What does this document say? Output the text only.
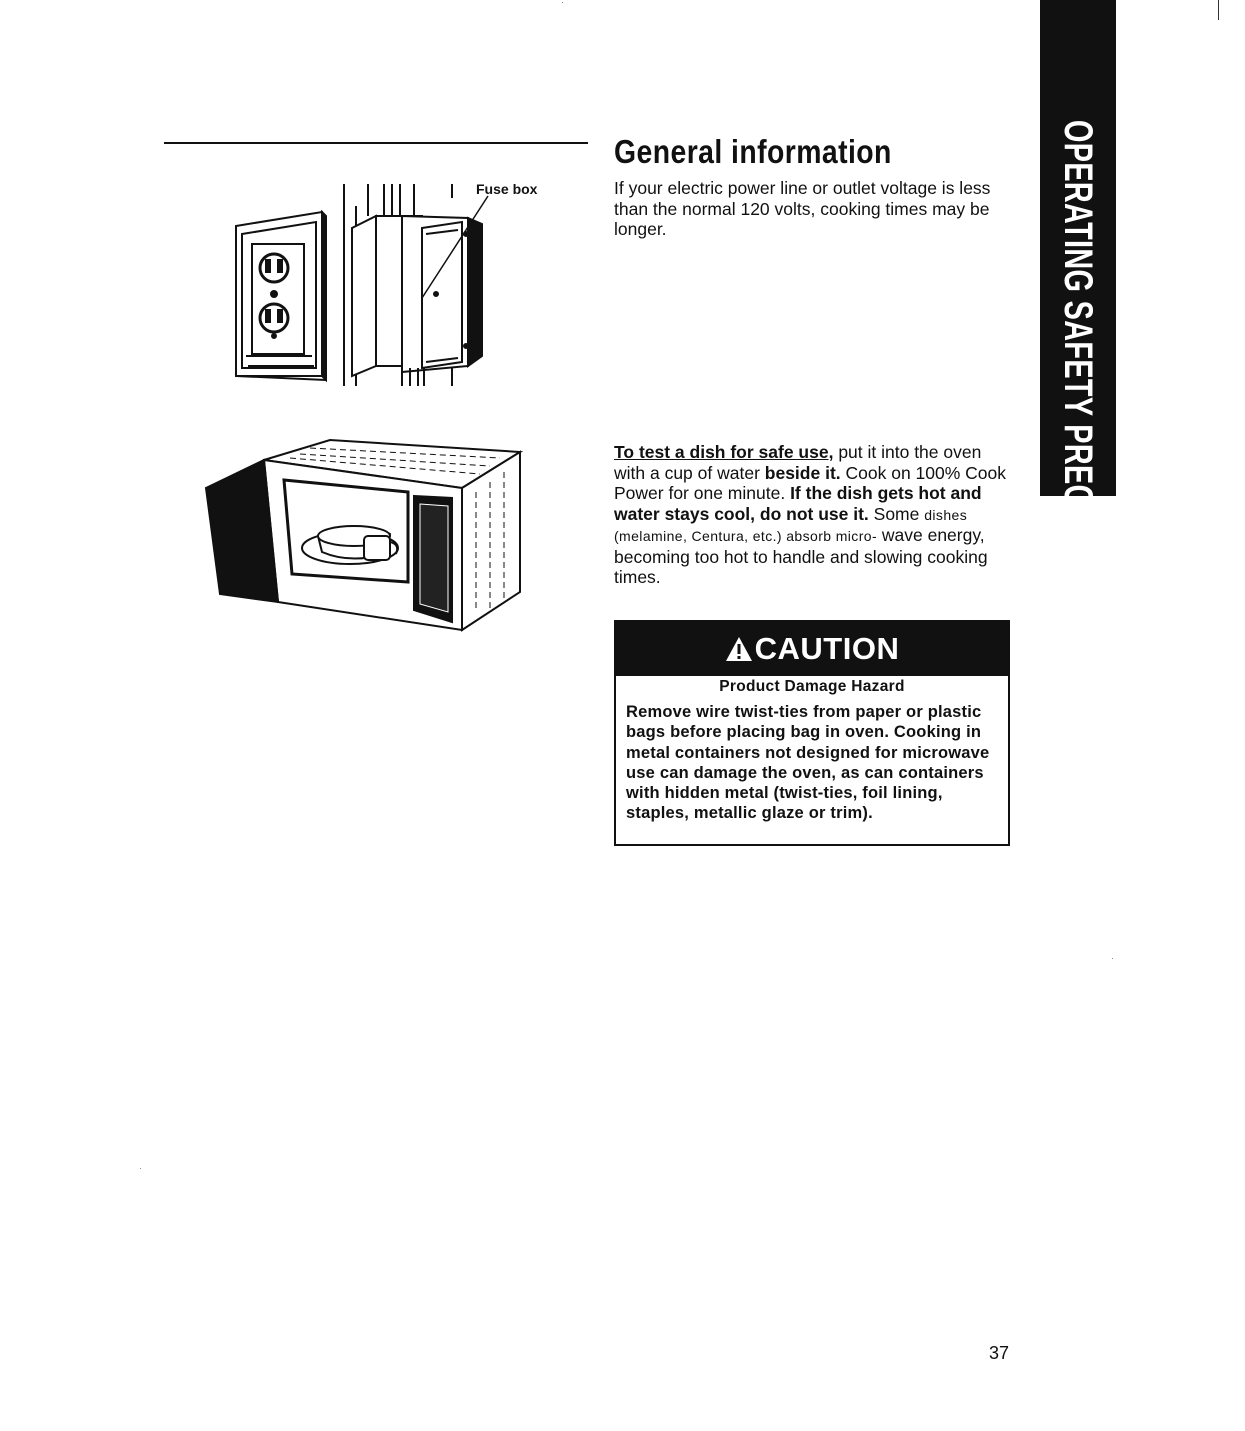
OPERATING SAFETY PRECAUTIONS
General information

If your electric power line or outlet voltage is less than the normal 120 volts, cooking times may be longer.

Fuse box

To test a dish for safe use, put it into the oven with a cup of water beside it. Cook on 100% Cook Power for one minute. If the dish gets hot and water stays cool, do not use it. Some dishes (melamine, Centura, etc.) absorb micro- wave energy, becoming too hot to handle and slowing cooking times.

CAUTION
Product Damage Hazard
Remove wire twist-ties from paper or plastic bags before placing bag in oven. Cooking in metal containers not designed for microwave use can damage the oven, as can containers with hidden metal (twist-ties, foil lining, staples, metallic glaze or trim).
37
